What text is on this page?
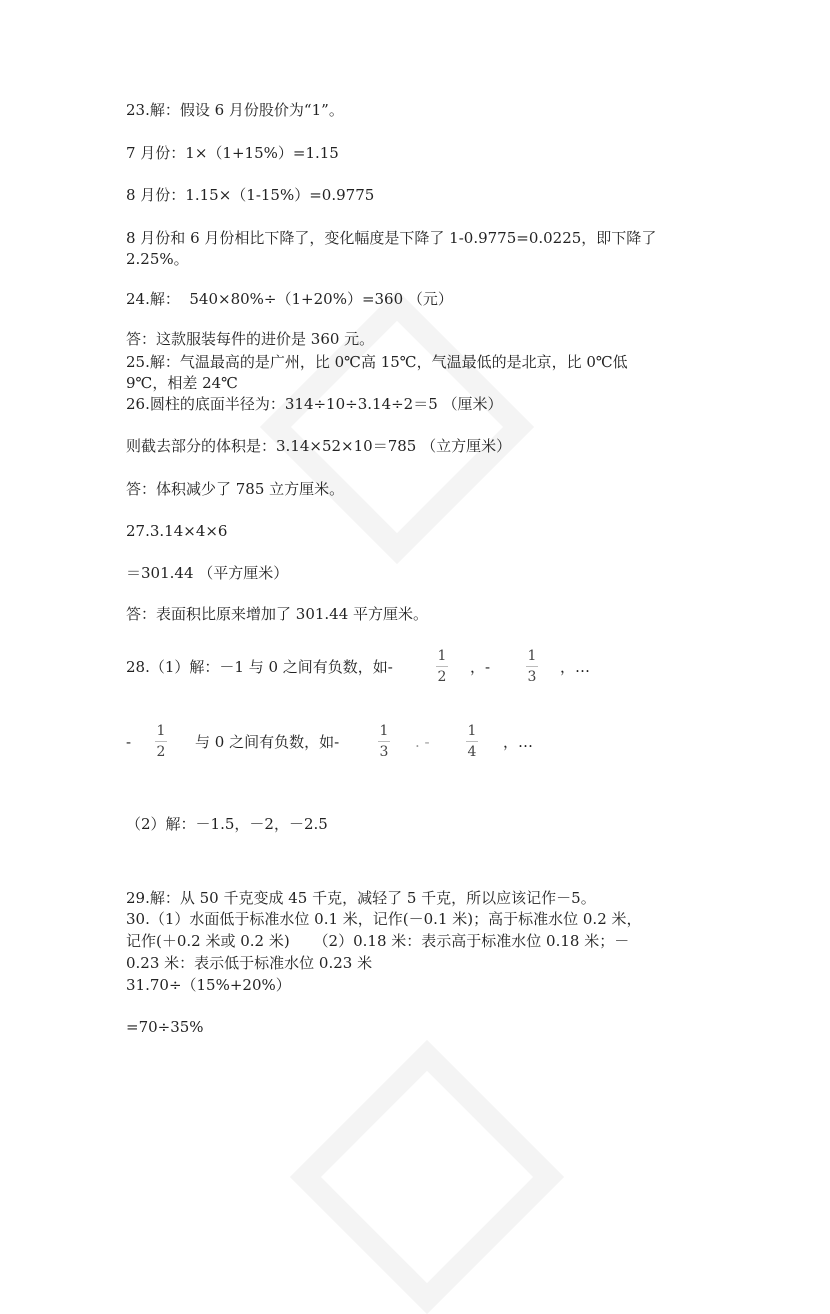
23.解：假设 6 月份股价为“1”。
7 月份：1×（1+15%）=1.15
8 月份：1.15×（1-15%）=0.9775
8 月份和 6 月份相比下降了，变化幅度是下降了 1-0.9775=0.0225，即下降了
2.25%。
24.解：  540×80%÷（1+20%）=360 （元）
答：这款服装每件的进价是 360 元。
25.解：气温最高的是广州，比 0℃高 15℃，气温最低的是北京，比 0℃低
9℃，相差 24℃
26.圆柱的底面半径为：314÷10÷3.14÷2＝5 （厘米）
则截去部分的体积是：3.14×52×10＝785 （立方厘米）
答：体积减少了 785 立方厘米。
27.3.14×4×6
＝301.44 （平方厘米）
答：表面积比原来增加了 301.44 平方厘米。
28.（1）解：－1 与 0 之间有负数，如-
1
2
，-
1
3
，…
-
1
2
与 0 之间有负数，如-
1
3
. -
1
4
，…
（2）解：－1.5，－2，－2.5
29.解：从 50 千克变成 45 千克，减轻了 5 千克，所以应该记作－5。
30.（1）水面低于标准水位 0.1 米，记作(－0.1 米)；高于标准水位 0.2 米，
记作(＋0.2 米或 0.2 米)     （2）0.18 米：表示高于标准水位 0.18 米；－
0.23 米：表示低于标准水位 0.23 米
31.70÷（15%+20%）
=70÷35%
